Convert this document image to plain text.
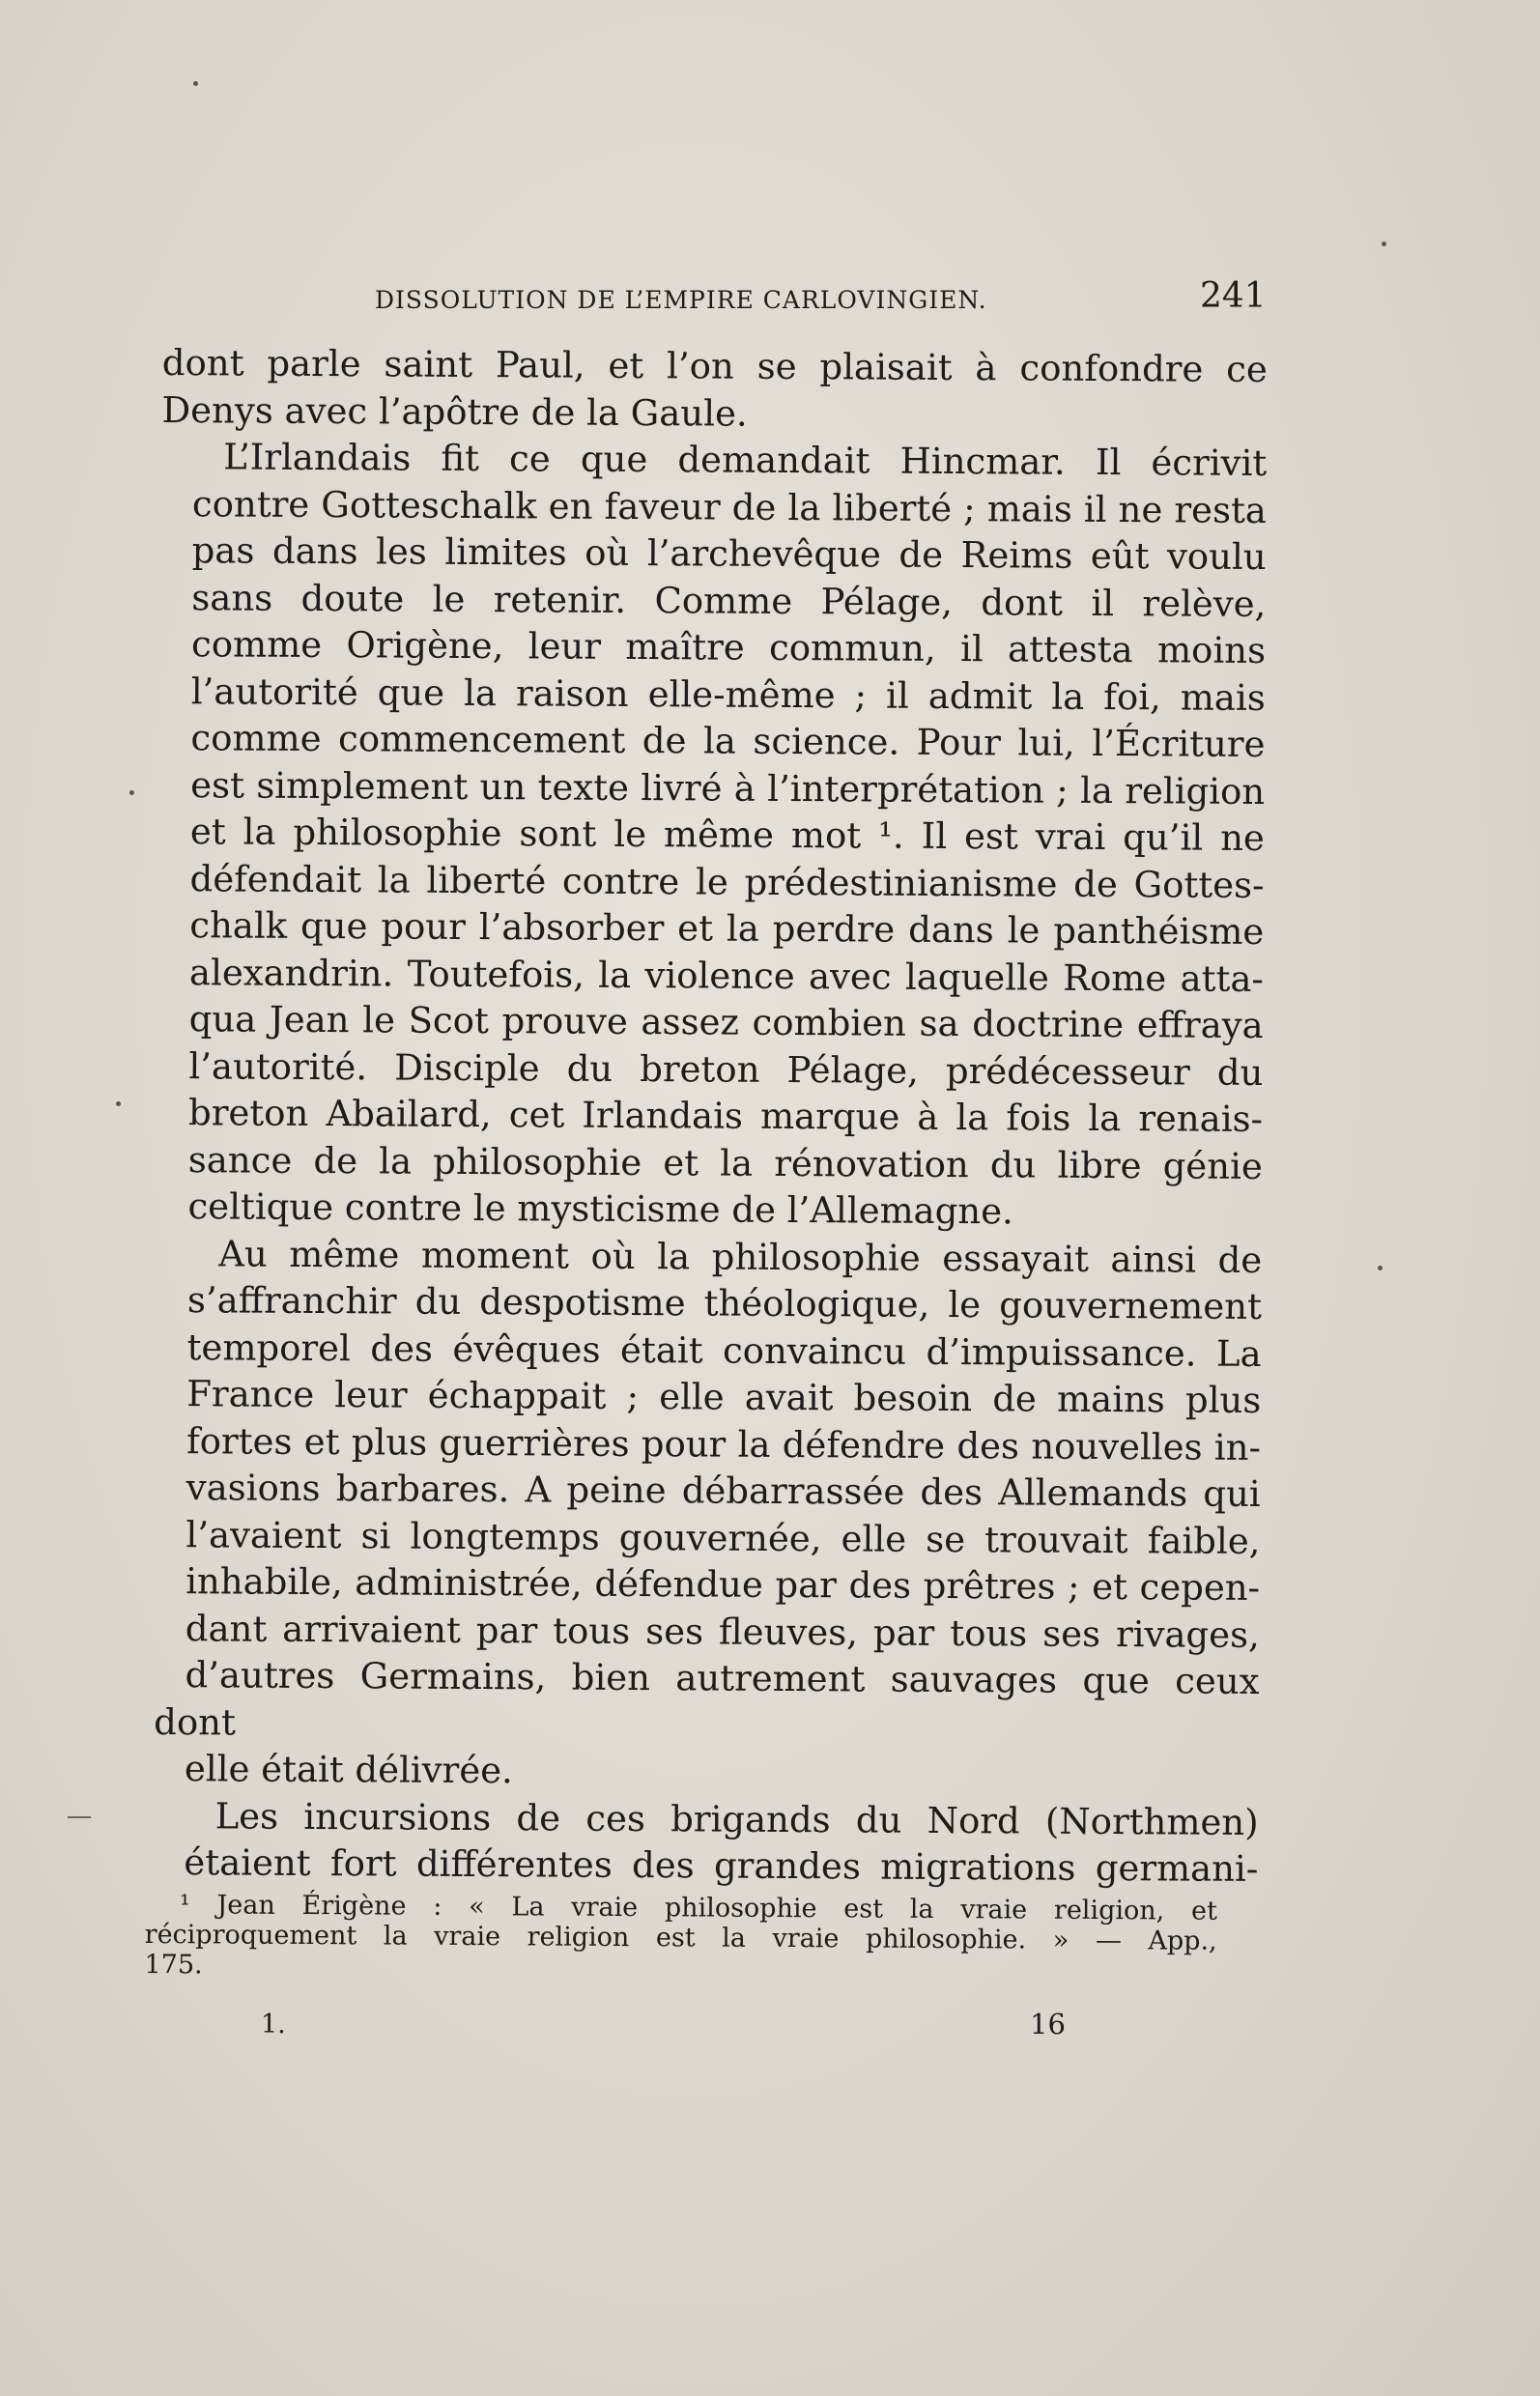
DISSOLUTION DE L’EMPIRE CARLOVINGIEN.	241

dont parle saint Paul, et l’on se plaisait à confondre ce
Denys avec l’apôtre de la Gaule.

L’Irlandais fit ce que demandait Hincmar. Il écrivit
contre Gotteschalk en faveur de la liberté ; mais il ne resta
pas dans les limites où l’archevêque de Reims eût voulu
sans doute le retenir. Comme Pélage, dont il relève,
comme Origène, leur maître commun, il attesta moins
l’autorité que la raison elle-même ; il admit la foi, mais
comme commencement de la science. Pour lui, l’Écriture
est simplement un texte livré à l’interprétation ; la religion
et la philosophie sont le même mot ¹. Il est vrai qu’il ne
défendait la liberté contre le prédestinianisme de Gottes-
chalk que pour l’absorber et la perdre dans le panthéisme
alexandrin. Toutefois, la violence avec laquelle Rome atta-
qua Jean le Scot prouve assez combien sa doctrine effraya
l’autorité. Disciple du breton Pélage, prédécesseur du
breton Abailard, cet Irlandais marque à la fois la renais-
sance de la philosophie et la rénovation du libre génie
celtique contre le mysticisme de l’Allemagne.

Au même moment où la philosophie essayait ainsi de
s’affranchir du despotisme théologique, le gouvernement
temporel des évêques était convaincu d’impuissance. La
France leur échappait ; elle avait besoin de mains plus
fortes et plus guerrières pour la défendre des nouvelles in-
vasions barbares. A peine débarrassée des Allemands qui
l’avaient si longtemps gouvernée, elle se trouvait faible,
inhabile, administrée, défendue par des prêtres ; et cepen-
dant arrivaient par tous ses fleuves, par tous ses rivages,
d’autres Germains, bien autrement sauvages que ceux dont
elle était délivrée.

Les incursions de ces brigands du Nord (Northmen)
étaient fort différentes des grandes migrations germani-

¹ Jean Érigène : « La vraie philosophie est la vraie religion, et
réciproquement la vraie religion est la vraie philosophie. » — App.,
175.
1.	16
